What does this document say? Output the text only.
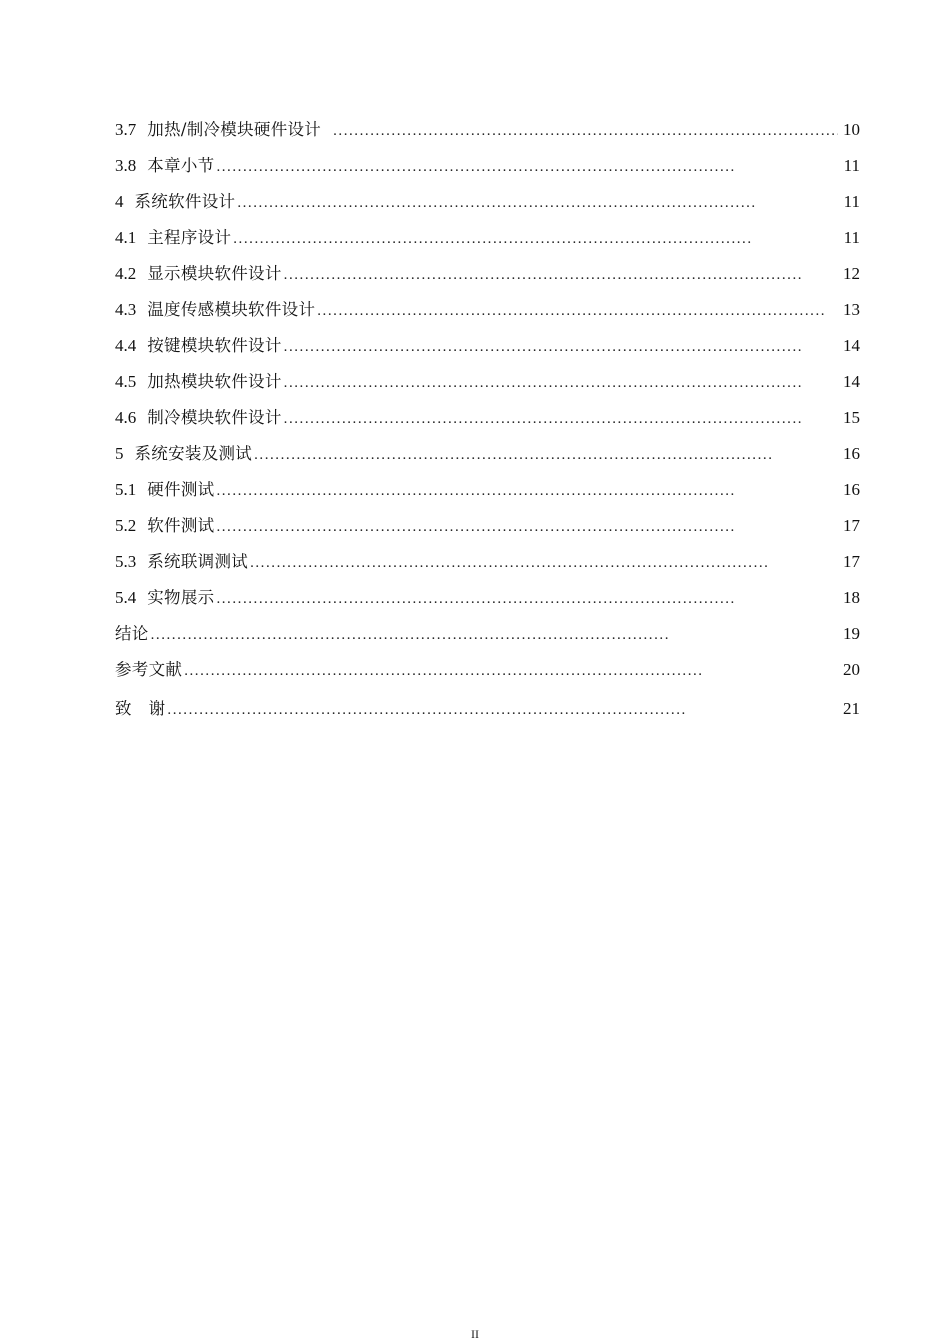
3.7 加热/制冷模块硬件设计 . . .	10
3.8 本章小节 . . .	11
4 系统软件设计 . . .	11
4.1 主程序设计 . . .	11
4.2 显示模块软件设计 . . .	12
4.3 温度传感模块软件设计 . . .	13
4.4 按键模块软件设计 . . .	14
4.5 加热模块软件设计 . . .	14
4.6 制冷模块软件设计 . . .	15
5 系统安装及测试 . . .	16
5.1 硬件测试 . . .	16
5.2 软件测试 . . .	17
5.3 系统联调测试 . . .	17
5.4 实物展示 . . .	18
结论 . . .	19
参考文献 . . .	20
致　谢 . . .	21
II
